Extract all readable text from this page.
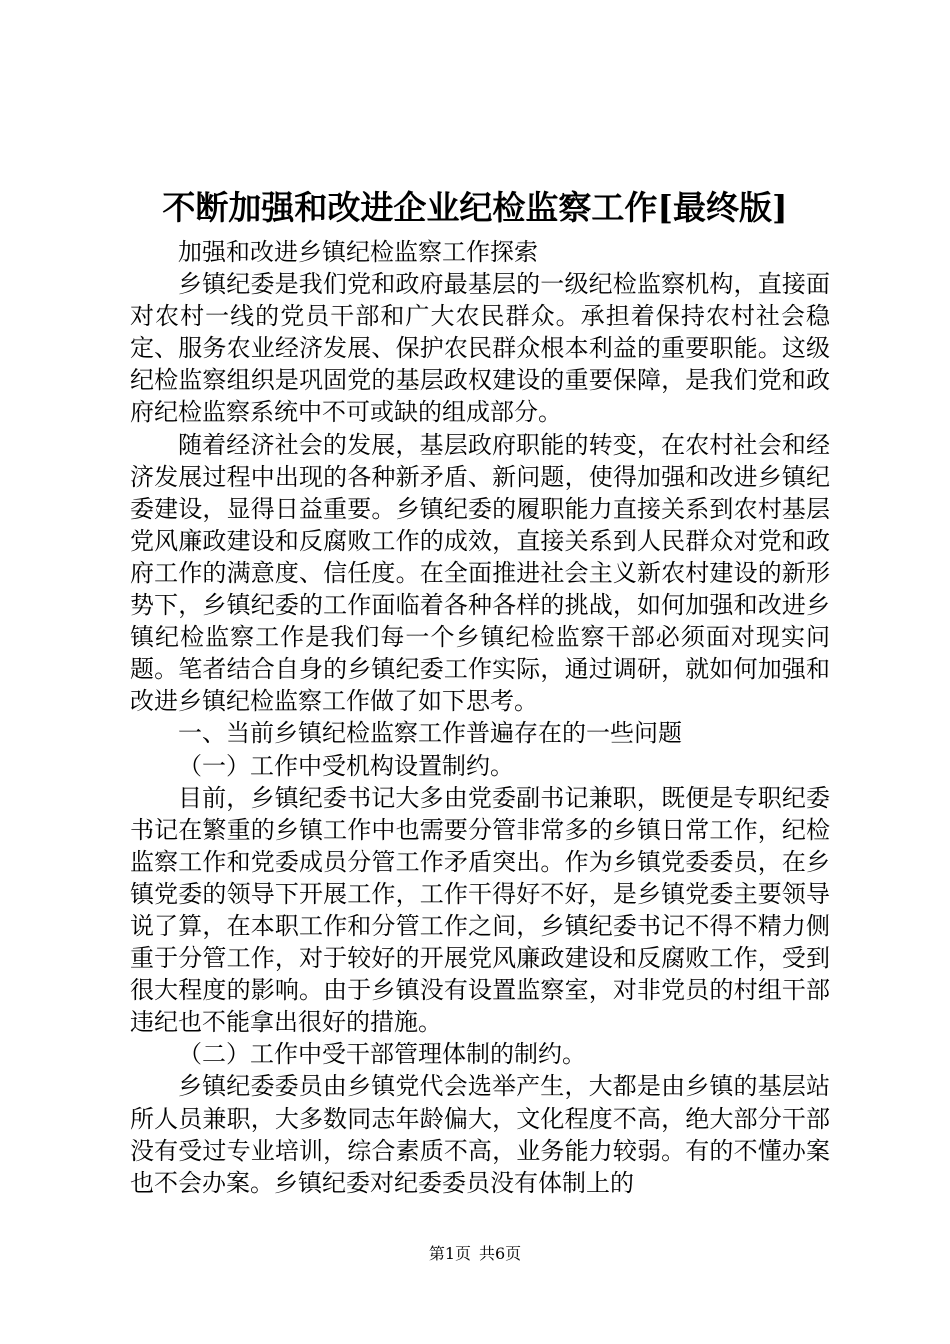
不断加强和改进企业纪检监察工作[最终版]

加强和改进乡镇纪检监察工作探索

乡镇纪委是我们党和政府最基层的一级纪检监察机构，直接面对农村一线的党员干部和广大农民群众。承担着保持农村社会稳定、服务农业经济发展、保护农民群众根本利益的重要职能。这级纪检监察组织是巩固党的基层政权建设的重要保障，是我们党和政府纪检监察系统中不可或缺的组成部分。

随着经济社会的发展，基层政府职能的转变，在农村社会和经济发展过程中出现的各种新矛盾、新问题，使得加强和改进乡镇纪委建设，显得日益重要。乡镇纪委的履职能力直接关系到农村基层党风廉政建设和反腐败工作的成效，直接关系到人民群众对党和政府工作的满意度、信任度。在全面推进社会主义新农村建设的新形势下，乡镇纪委的工作面临着各种各样的挑战，如何加强和改进乡镇纪检监察工作是我们每一个乡镇纪检监察干部必须面对现实问题。笔者结合自身的乡镇纪委工作实际，通过调研，就如何加强和改进乡镇纪检监察工作做了如下思考。

一、当前乡镇纪检监察工作普遍存在的一些问题

（一）工作中受机构设置制约。

目前，乡镇纪委书记大多由党委副书记兼职，既便是专职纪委书记在繁重的乡镇工作中也需要分管非常多的乡镇日常工作，纪检监察工作和党委成员分管工作矛盾突出。作为乡镇党委委员，在乡镇党委的领导下开展工作，工作干得好不好，是乡镇党委主要领导说了算，在本职工作和分管工作之间，乡镇纪委书记不得不精力侧重于分管工作，对于较好的开展党风廉政建设和反腐败工作，受到很大程度的影响。由于乡镇没有设置监察室，对非党员的村组干部违纪也不能拿出很好的措施。

（二）工作中受干部管理体制的制约。

乡镇纪委委员由乡镇党代会选举产生，大都是由乡镇的基层站所人员兼职，大多数同志年龄偏大，文化程度不高，绝大部分干部没有受过专业培训，综合素质不高，业务能力较弱。有的不懂办案也不会办案。乡镇纪委对纪委委员没有体制上的

第1页 共6页
